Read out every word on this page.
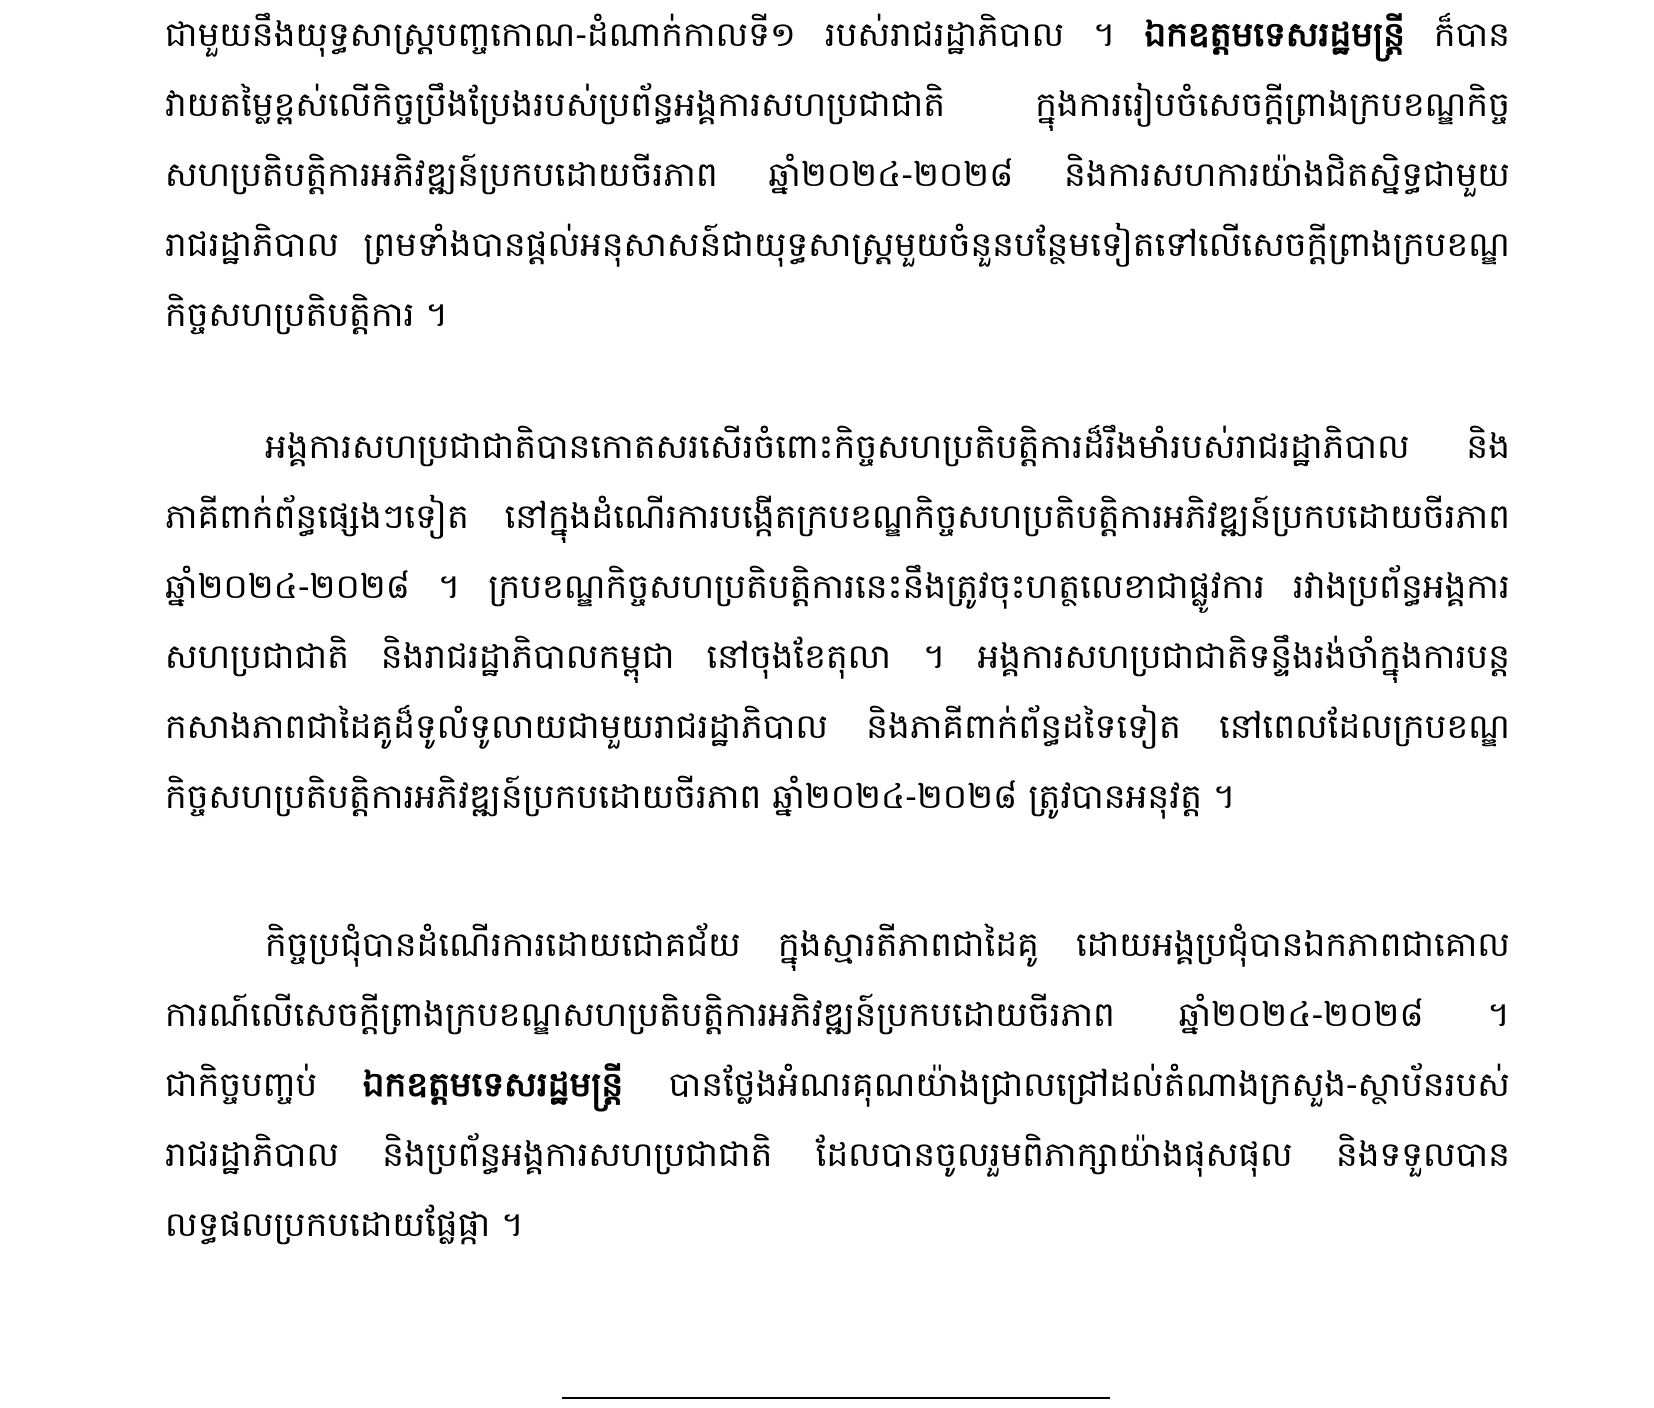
ជាមួយនឹងយុទ្ធសាស្ត្របញ្ចកោណ-ដំណាក់កាលទី១ របស់រាជរដ្ឋាភិបាល ។ ឯកឧត្តមទេសរដ្ឋមន្ត្រី ក៏បាន
វាយតម្លៃខ្ពស់លើកិច្ចប្រឹងប្រែងរបស់ប្រព័ន្ធអង្គការសហប្រជាជាតិ ក្នុងការរៀបចំសេចក្តីព្រាងក្របខណ្ឌកិច្ច
សហប្រតិបត្តិការអភិវឌ្ឍន៍ប្រកបដោយចីរភាព ឆ្នាំ២០២៤-២០២៨ និងការសហការយ៉ាងជិតស្និទ្ធជាមួយ
រាជរដ្ឋាភិបាល ព្រមទាំងបានផ្តល់អនុសាសន៍ជាយុទ្ធសាស្ត្រមួយចំនួនបន្ថែមទៀតទៅលើសេចក្តីព្រាងក្របខណ្ឌ
កិច្ចសហប្រតិបត្តិការ ។
អង្គការសហប្រជាជាតិបានកោតសរសើរចំពោះកិច្ចសហប្រតិបត្តិការដ៏រឹងមាំរបស់រាជរដ្ឋាភិបាល និង
ភាគីពាក់ព័ន្ធផ្សេងៗទៀត នៅក្នុងដំណើរការបង្កើតក្របខណ្ឌកិច្ចសហប្រតិបត្តិការអភិវឌ្ឍន៍ប្រកបដោយចីរភាព
ឆ្នាំ២០២៤-២០២៨ ។ ក្របខណ្ឌកិច្ចសហប្រតិបត្តិការនេះនឹងត្រូវចុះហត្ថលេខាជាផ្លូវការ រវាងប្រព័ន្ធអង្គការ
សហប្រជាជាតិ និងរាជរដ្ឋាភិបាលកម្ពុជា នៅចុងខែតុលា ។ អង្គការសហប្រជាជាតិទន្ទឹងរង់ចាំក្នុងការបន្ត
កសាងភាពជាដៃគូដ៏ទូលំទូលាយជាមួយរាជរដ្ឋាភិបាល និងភាគីពាក់ព័ន្ធដទៃទៀត នៅពេលដែលក្របខណ្ឌ
កិច្ចសហប្រតិបត្តិការអភិវឌ្ឍន៍ប្រកបដោយចីរភាព ឆ្នាំ២០២៤-២០២៨ ត្រូវបានអនុវត្ត ។
កិច្ចប្រជុំបានដំណើរការដោយជោគជ័យ ក្នុងស្មារតីភាពជាដៃគូ ដោយអង្គប្រជុំបានឯកភាពជាគោល
ការណ៍លើសេចក្តីព្រាងក្របខណ្ឌសហប្រតិបត្តិការអភិវឌ្ឍន៍ប្រកបដោយចីរភាព ឆ្នាំ២០២៤-២០២៨ ។
ជាកិច្ចបញ្ចប់ ឯកឧត្តមទេសរដ្ឋមន្ត្រី បានថ្លែងអំណរគុណយ៉ាងជ្រាលជ្រៅដល់តំណាងក្រសួង-ស្ថាប័នរបស់
រាជរដ្ឋាភិបាល និងប្រព័ន្ធអង្គការសហប្រជាជាតិ ដែលបានចូលរួមពិភាក្សាយ៉ាងផុសផុល និងទទួលបាន
លទ្ធផលប្រកបដោយផ្លែផ្កា ។
